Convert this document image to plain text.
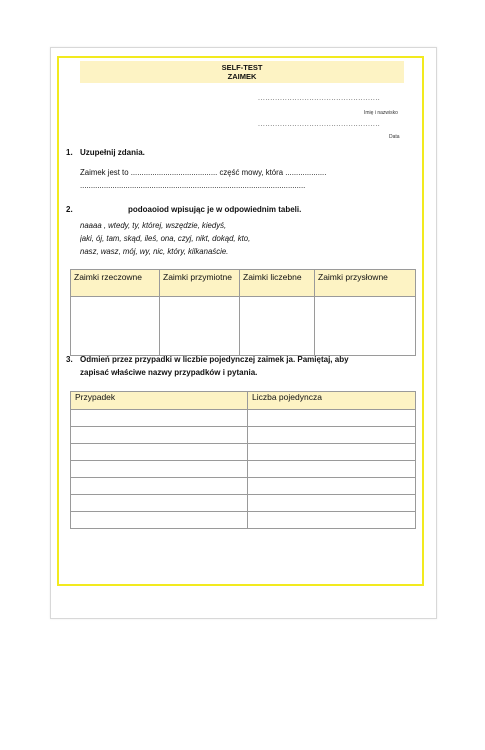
SELF-TEST
ZAIMEK
..................................................
Imię i nazwisko
..................................................
Data
1. Uzupełnij zdania.
Zaimek jest to ........................................ część mowy, która ...................
........................................................................................................
2.	podoaoiod wpisując je w odpowiednim tabeli.
naaaa , wtedy, ty, której, wszędzie, kiedyś,
jaki, ój, tam, skąd, ileś, ona, czyj, nikt, dokąd, kto,
nasz, wasz, mój, wy, nic, który, kilkanaście.
Zaimki rzeczowne	Zaimki przymiotne	Zaimki liczebne	Zaimki przysłowne

3. Odmień przez przypadki w liczbie pojedynczej zaimek ja. Pamiętaj, aby
zapisać właściwe nazwy przypadków i pytania.
Przypadek	Liczba pojedyncza
